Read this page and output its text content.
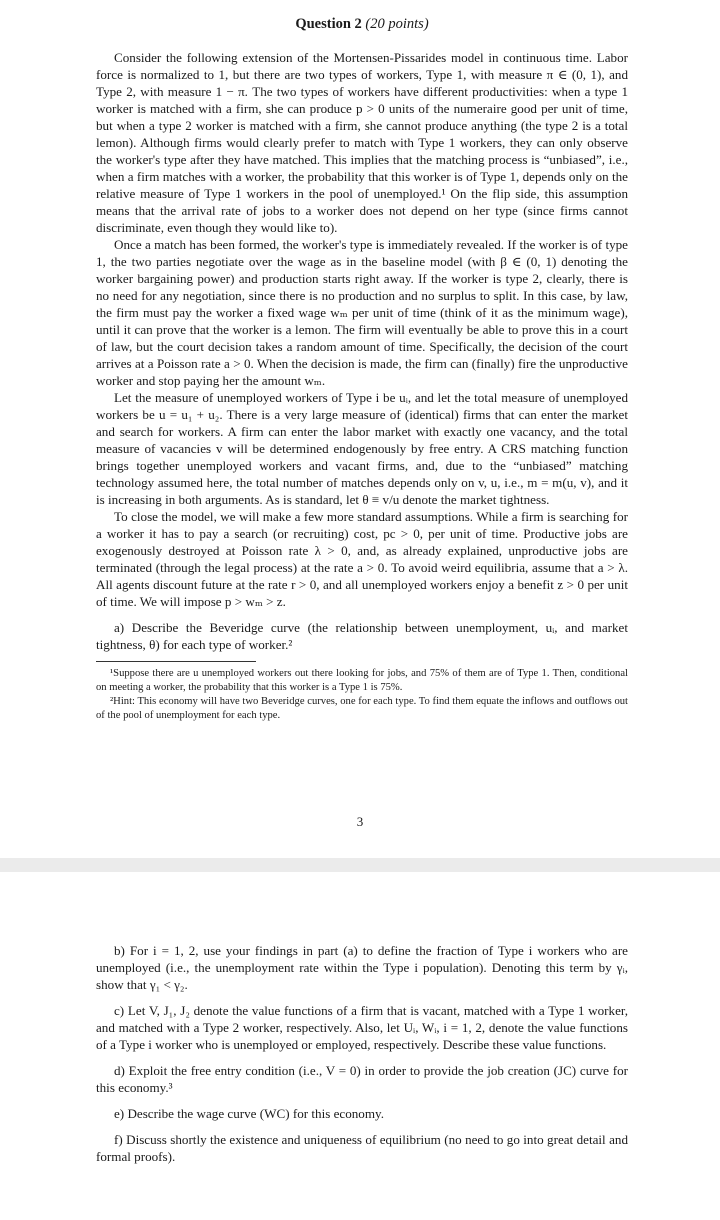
Question 2 (20 points)

Consider the following extension of the Mortensen-Pissarides model in continuous time. Labor force is normalized to 1, but there are two types of workers, Type 1, with measure π ∈ (0, 1), and Type 2, with measure 1 − π. The two types of workers have different productivities: when a type 1 worker is matched with a firm, she can produce p > 0 units of the numeraire good per unit of time, but when a type 2 worker is matched with a firm, she cannot produce anything (the type 2 is a total lemon). Although firms would clearly prefer to match with Type 1 workers, they can only observe the worker's type after they have matched. This implies that the matching process is “unbiased”, i.e., when a firm matches with a worker, the probability that this worker is of Type 1, depends only on the relative measure of Type 1 workers in the pool of unemployed.¹ On the flip side, this assumption means that the arrival rate of jobs to a worker does not depend on her type (since firms cannot discriminate, even though they would like to).

Once a match has been formed, the worker's type is immediately revealed. If the worker is of type 1, the two parties negotiate over the wage as in the baseline model (with β ∈ (0, 1) denoting the worker bargaining power) and production starts right away. If the worker is type 2, clearly, there is no need for any negotiation, since there is no production and no surplus to split. In this case, by law, the firm must pay the worker a fixed wage wₘ per unit of time (think of it as the minimum wage), until it can prove that the worker is a lemon. The firm will eventually be able to prove this in a court of law, but the court decision takes a random amount of time. Specifically, the decision of the court arrives at a Poisson rate a > 0. When the decision is made, the firm can (finally) fire the unproductive worker and stop paying her the amount wₘ.

Let the measure of unemployed workers of Type i be uᵢ, and let the total measure of unemployed workers be u = u₁ + u₂. There is a very large measure of (identical) firms that can enter the market and search for workers. A firm can enter the labor market with exactly one vacancy, and the total measure of vacancies v will be determined endogenously by free entry. A CRS matching function brings together unemployed workers and vacant firms, and, due to the “unbiased” matching technology assumed here, the total number of matches depends only on v, u, i.e., m = m(u, v), and it is increasing in both arguments. As is standard, let θ ≡ v/u denote the market tightness.

To close the model, we will make a few more standard assumptions. While a firm is searching for a worker it has to pay a search (or recruiting) cost, pc > 0, per unit of time. Productive jobs are exogenously destroyed at Poisson rate λ > 0, and, as already explained, unproductive jobs are terminated (through the legal process) at the rate a > 0. To avoid weird equilibria, assume that a > λ. All agents discount future at the rate r > 0, and all unemployed workers enjoy a benefit z > 0 per unit of time. We will impose p > wₘ > z.

a) Describe the Beveridge curve (the relationship between unemployment, uᵢ, and market tightness, θ) for each type of worker.²

¹Suppose there are u unemployed workers out there looking for jobs, and 75% of them are of Type 1. Then, conditional on meeting a worker, the probability that this worker is a Type 1 is 75%.

²Hint: This economy will have two Beveridge curves, one for each type. To find them equate the inflows and outflows out of the pool of unemployment for each type.

3

b) For i = 1, 2, use your findings in part (a) to define the fraction of Type i workers who are unemployed (i.e., the unemployment rate within the Type i population). Denoting this term by γᵢ, show that γ₁ < γ₂.

c) Let V, J₁, J₂ denote the value functions of a firm that is vacant, matched with a Type 1 worker, and matched with a Type 2 worker, respectively. Also, let Uᵢ, Wᵢ, i = 1, 2, denote the value functions of a Type i worker who is unemployed or employed, respectively. Describe these value functions.

d) Exploit the free entry condition (i.e., V = 0) in order to provide the job creation (JC) curve for this economy.³

e) Describe the wage curve (WC) for this economy.

f) Discuss shortly the existence and uniqueness of equilibrium (no need to go into great detail and formal proofs).
